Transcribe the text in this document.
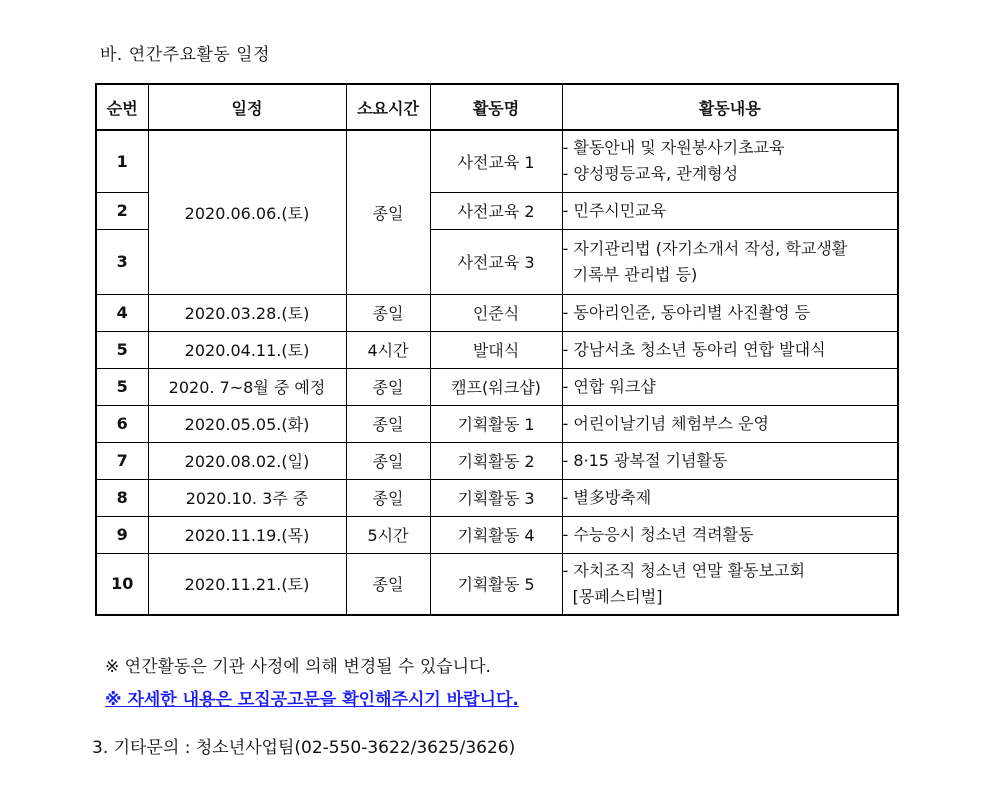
바. 연간주요활동 일정
순번	일정	소요시간	활동명	활동내용
1	2020.06.06.(토)	종일	사전교육 1	- 활동안내 및 자원봉사기초교육
- 양성평등교육, 관계형성

2			사전교육 2	- 민주시민교육

3			사전교육 3	- 자기관리법 (자기소개서 작성, 학교생활
기록부 관리법 등)

4	2020.03.28.(토)	종일	인준식	- 동아리인준, 동아리별 사진촬영 등

5	2020.04.11.(토)	4시간	발대식	- 강남서초 청소년 동아리 연합 발대식

5	2020. 7~8월 중 예정	종일	캠프(워크샵)	- 연합 워크샵

6	2020.05.05.(화)	종일	기획활동 1	- 어린이날기념 체험부스 운영

7	2020.08.02.(일)	종일	기획활동 2	- 8·15 광복절 기념활동

8	2020.10. 3주 중	종일	기획활동 3	- 별多방축제

9	2020.11.19.(목)	5시간	기획활동 4	- 수능응시 청소년 격려활동

10	2020.11.21.(토)	종일	기획활동 5	- 자치조직 청소년 연말 활동보고회
[몽페스티벌]
※ 연간활동은 기관 사정에 의해 변경될 수 있습니다.
※ 자세한 내용은 모집공고문을 확인해주시기 바랍니다.
3. 기타문의 : 청소년사업팀(02-550-3622/3625/3626)
